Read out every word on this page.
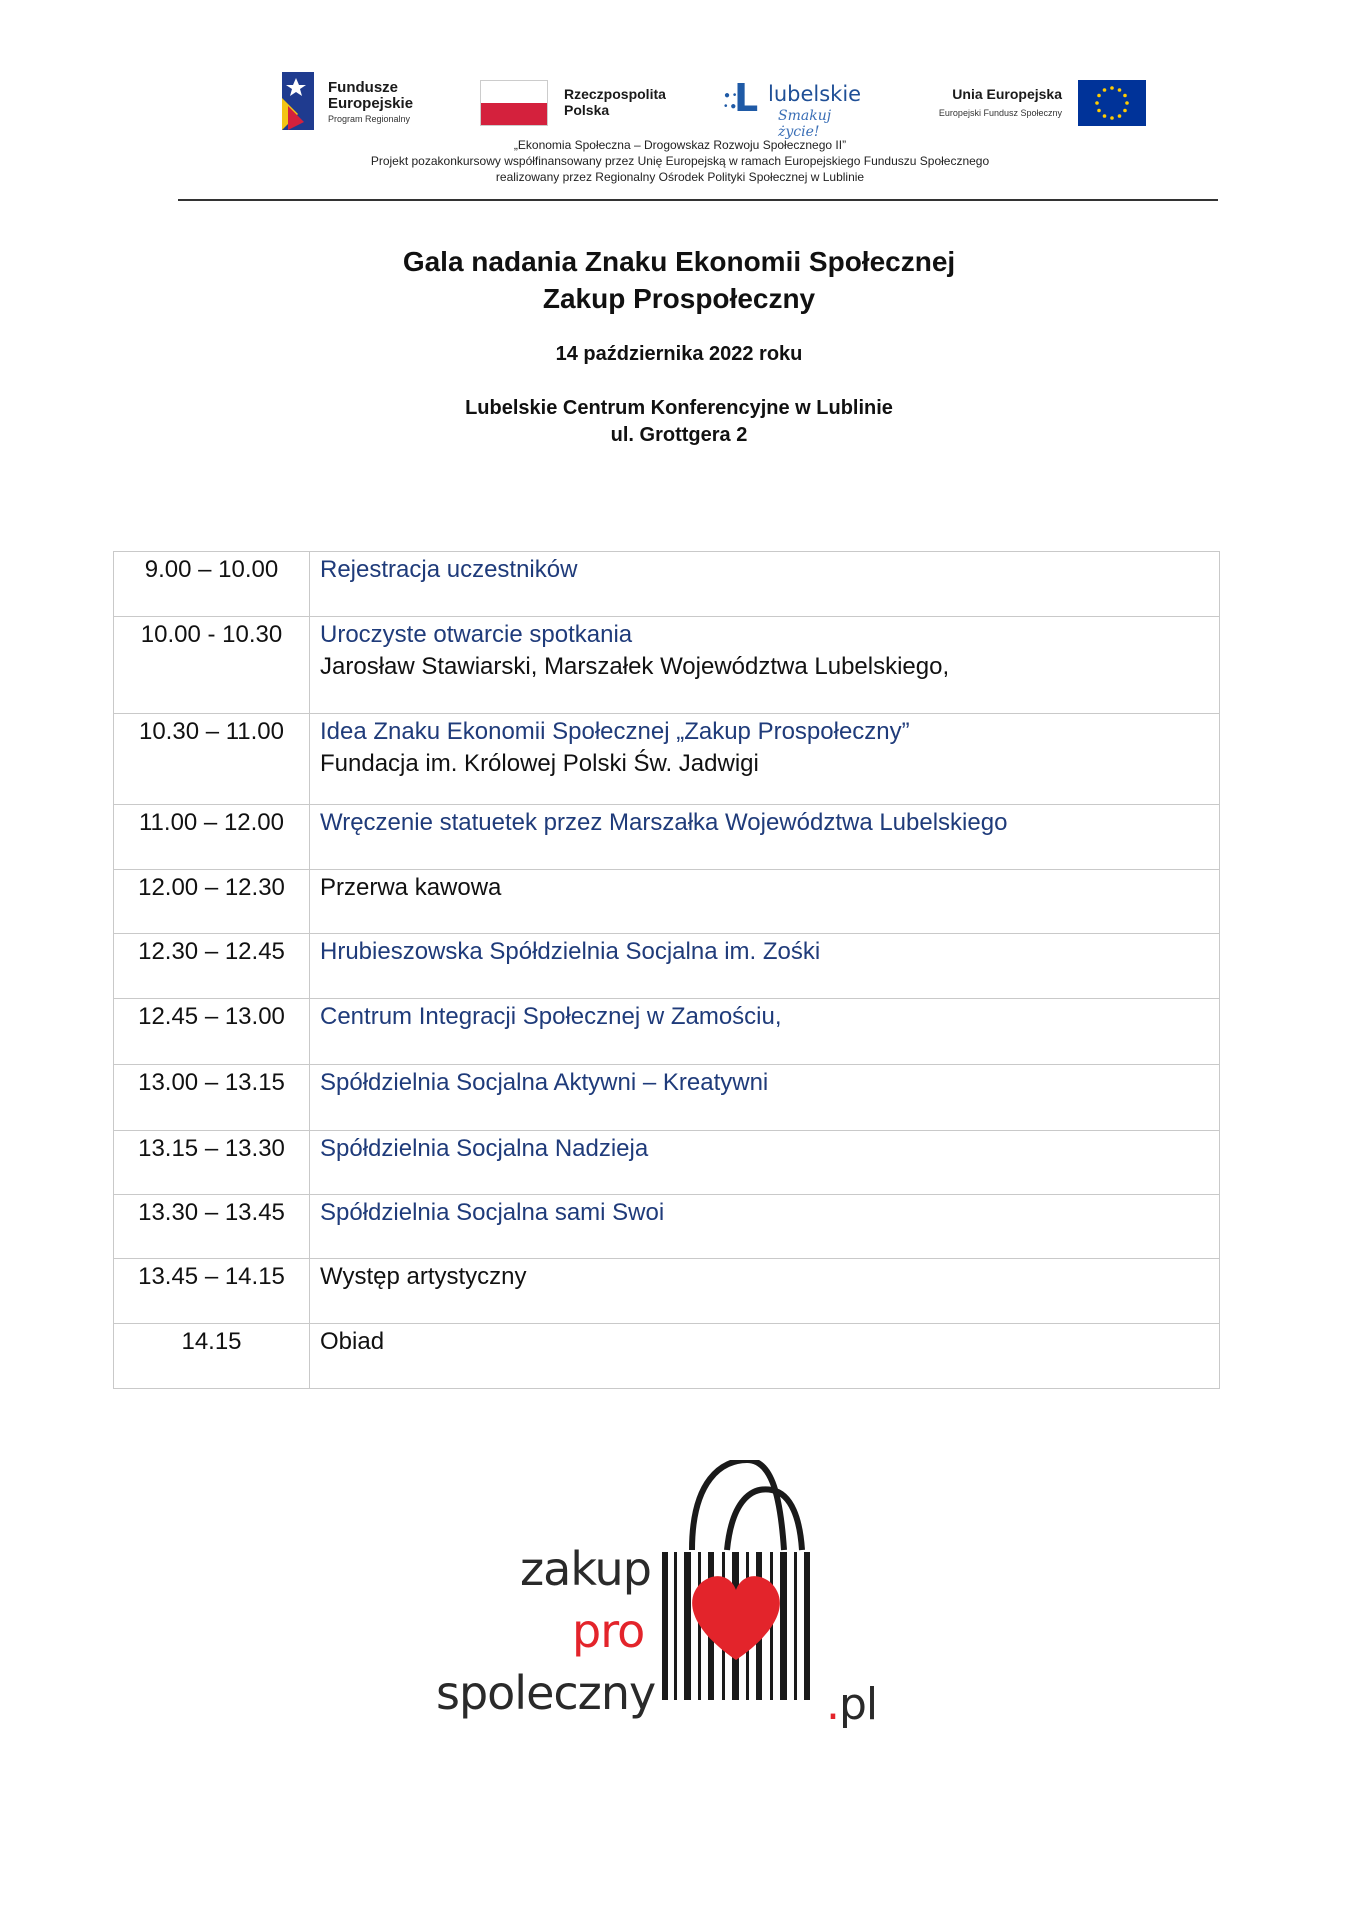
Fundusze
Europejskie
Program Regionalny
Rzeczpospolita
Polska
● •
• ●
L lubelskie
Smakuj życie!
Unia Europejska
Europejski Fundusz Społeczny
„Ekonomia Społeczna – Drogowskaz Rozwoju Społecznego II”
Projekt pozakonkursowy współfinansowany przez Unię Europejską w ramach Europejskiego Funduszu Społecznego
realizowany przez Regionalny Ośrodek Polityki Społecznej w Lublinie
Gala nadania Znaku Ekonomii Społecznej
Zakup Prospołeczny
14 października 2022 roku
Lubelskie Centrum Konferencyjne w Lublinie
ul. Grottgera 2
9.00 – 10.00	Rejestracja uczestników

10.00 - 10.30	Uroczyste otwarcie spotkania
Jarosław Stawiarski, Marszałek Województwa Lubelskiego,

10.30 – 11.00	Idea Znaku Ekonomii Społecznej „Zakup Prospołeczny”
Fundacja im. Królowej Polski Św. Jadwigi

11.00 – 12.00	Wręczenie statuetek przez Marszałka Województwa Lubelskiego

12.00 – 12.30	Przerwa kawowa

12.30 – 12.45	Hrubieszowska Spółdzielnia Socjalna im. Zośki

12.45 – 13.00	Centrum Integracji Społecznej w Zamościu,

13.00 – 13.15	Spółdzielnia Socjalna Aktywni – Kreatywni

13.15 – 13.30	Spółdzielnia Socjalna Nadzieja

13.30 – 13.45	Spółdzielnia Socjalna sami Swoi

13.45 – 14.15	Występ artystyczny

14.15	Obiad
zakup
pro
spoleczny	.pl
